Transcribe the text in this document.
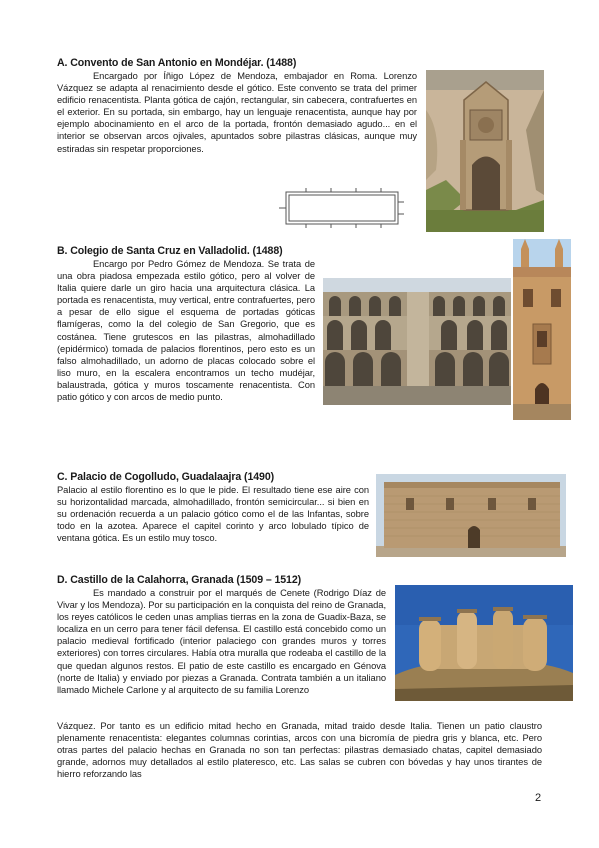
A. Convento de San Antonio en Mondéjar. (1488)

Encargado por Íñigo López de Mendoza, embajador en Roma. Lorenzo Vázquez se adapta al renacimiento desde el gótico. Este convento se trata del primer edificio renacentista. Planta gótica de cajón, rectangular, sin cabecera, contrafuertes en el exterior. En su portada, sin embargo, hay un lenguaje renacentista, aunque hay por ejemplo abocinamiento en el arco de la portada, frontón demasiado agudo... en el interior se observan arcos ojivales, apuntados sobre pilastras clásicas, aunque muy estiradas sin respetar proporciones.

B. Colegio de Santa Cruz en Valladolid. (1488)

Encargo por Pedro Gómez de Mendoza. Se trata de una obra piadosa empezada estilo gótico, pero al volver de Italia quiere darle un giro hacia una arquitectura clásica. La portada es renacentista, muy vertical, entre contrafuertes, pero a pesar de ello sigue el esquema de portadas góticas flamígeras, como la del colegio de San Gregorio, que es costánea. Tiene grutescos en las pilastras, almohadillado (epidérmico) tomada de palacios florentinos, pero esto es un falso almohadillado, un adorno de placas colocado sobre el liso muro, en la escalera encontramos un techo mudéjar, balaustrada, gótica y muros toscamente renacentista. Con patio gótico y con arcos de medio punto.

C. Palacio de Cogolludo, Guadalaajra (1490)

Palacio al estilo florentino es lo que le pide. El resultado tiene ese aire con su horizontalidad marcada, almohadillado, frontón semicircular... si bien en su ordenación recuerda a un palacio gótico como el de las Infantas, sobre todo en la azotea. Aparece el capitel corinto y arco lobulado típico de ventana gótica. Es un estilo muy tosco.

D. Castillo de la Calahorra, Granada (1509 – 1512)

Es mandado a construir por el marqués de Cenete (Rodrigo Díaz de Vivar y los Mendoza). Por su participación en la conquista del reino de Granada, los reyes católicos le ceden unas amplias tierras en la zona de Guadix-Baza, se localiza en un cerro para tener fácil defensa. El castillo está concebido como un palacio medieval fortificado (interior palaciego con grandes muros y torres exteriores) con torres circulares. Había otra muralla que rodeaba el castillo de la que quedan algunos restos. El patio de este castillo es encargado en Génova (norte de Italia) y enviado por piezas a Granada. Contrata también a un italiano llamado Michele Carlone y al arquitecto de su familia Lorenzo

Vázquez. Por tanto es un edificio mitad hecho en Granada, mitad traido desde Italia. Tienen un patio claustro plenamente renacentista: elegantes columnas corintias, arcos con una bicromía de piedra gris y blanca, etc. Pero otras partes del palacio hechas en Granada no son tan perfectas: pilastras demasiado chatas, capitel demasiado grande, adornos muy detallados al estilo plateresco, etc. Las salas se cubren con bóvedas y hay unos tirantes de hierro reforzando las

2
